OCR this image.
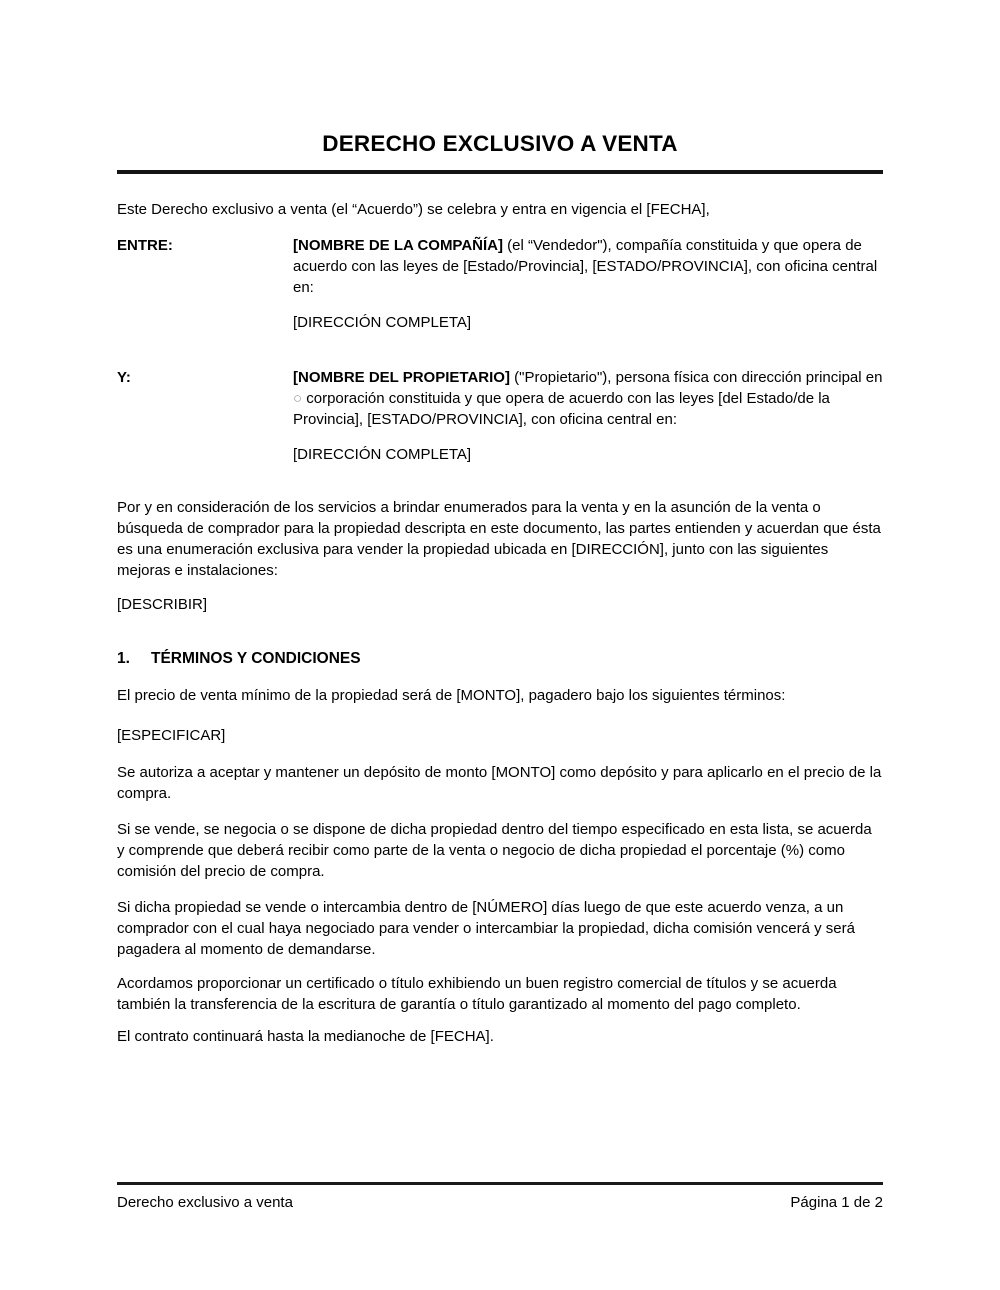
DERECHO EXCLUSIVO A VENTA

Este Derecho exclusivo a venta (el “Acuerdo”) se celebra y entra en vigencia el [FECHA],

ENTRE:	[NOMBRE DE LA COMPAÑÍA] (el “Vendedor"), compañía constituida y que opera de acuerdo con las leyes de [Estado/Provincia], [ESTADO/PROVINCIA], con oficina central en:

[DIRECCIÓN COMPLETA]

Y:	[NOMBRE DEL PROPIETARIO] ("Propietario"), persona física con dirección principal en ○ corporación constituida y que opera de acuerdo con las leyes [del Estado/de la Provincia], [ESTADO/PROVINCIA], con oficina central en:

[DIRECCIÓN COMPLETA]

Por y en consideración de los servicios a brindar enumerados para la venta y en la asunción de la venta o búsqueda de comprador para la propiedad descripta en este documento, las partes entienden y acuerdan que ésta es una enumeración exclusiva para vender la propiedad ubicada en [DIRECCIÓN], junto con las siguientes mejoras e instalaciones:

[DESCRIBIR]

1.	TÉRMINOS Y CONDICIONES

El precio de venta mínimo de la propiedad será de [MONTO], pagadero bajo los siguientes términos:

[ESPECIFICAR]

Se autoriza a aceptar y mantener un depósito de monto [MONTO] como depósito y para aplicarlo en el precio de la compra.

Si se vende, se negocia o se dispone de dicha propiedad dentro del tiempo especificado en esta lista, se acuerda y comprende que deberá recibir como parte de la venta o negocio de dicha propiedad el porcentaje (%) como comisión del precio de compra.

Si dicha propiedad se vende o intercambia dentro de [NÚMERO] días luego de que este acuerdo venza, a un comprador con el cual haya negociado para vender o intercambiar la propiedad, dicha comisión vencerá y será pagadera al momento de demandarse.

Acordamos proporcionar un certificado o título exhibiendo un buen registro comercial de títulos y se acuerda también la transferencia de la escritura de garantía o título garantizado al momento del pago completo.

El contrato continuará hasta la medianoche de [FECHA].

Derecho exclusivo a venta	Página 1 de 2
